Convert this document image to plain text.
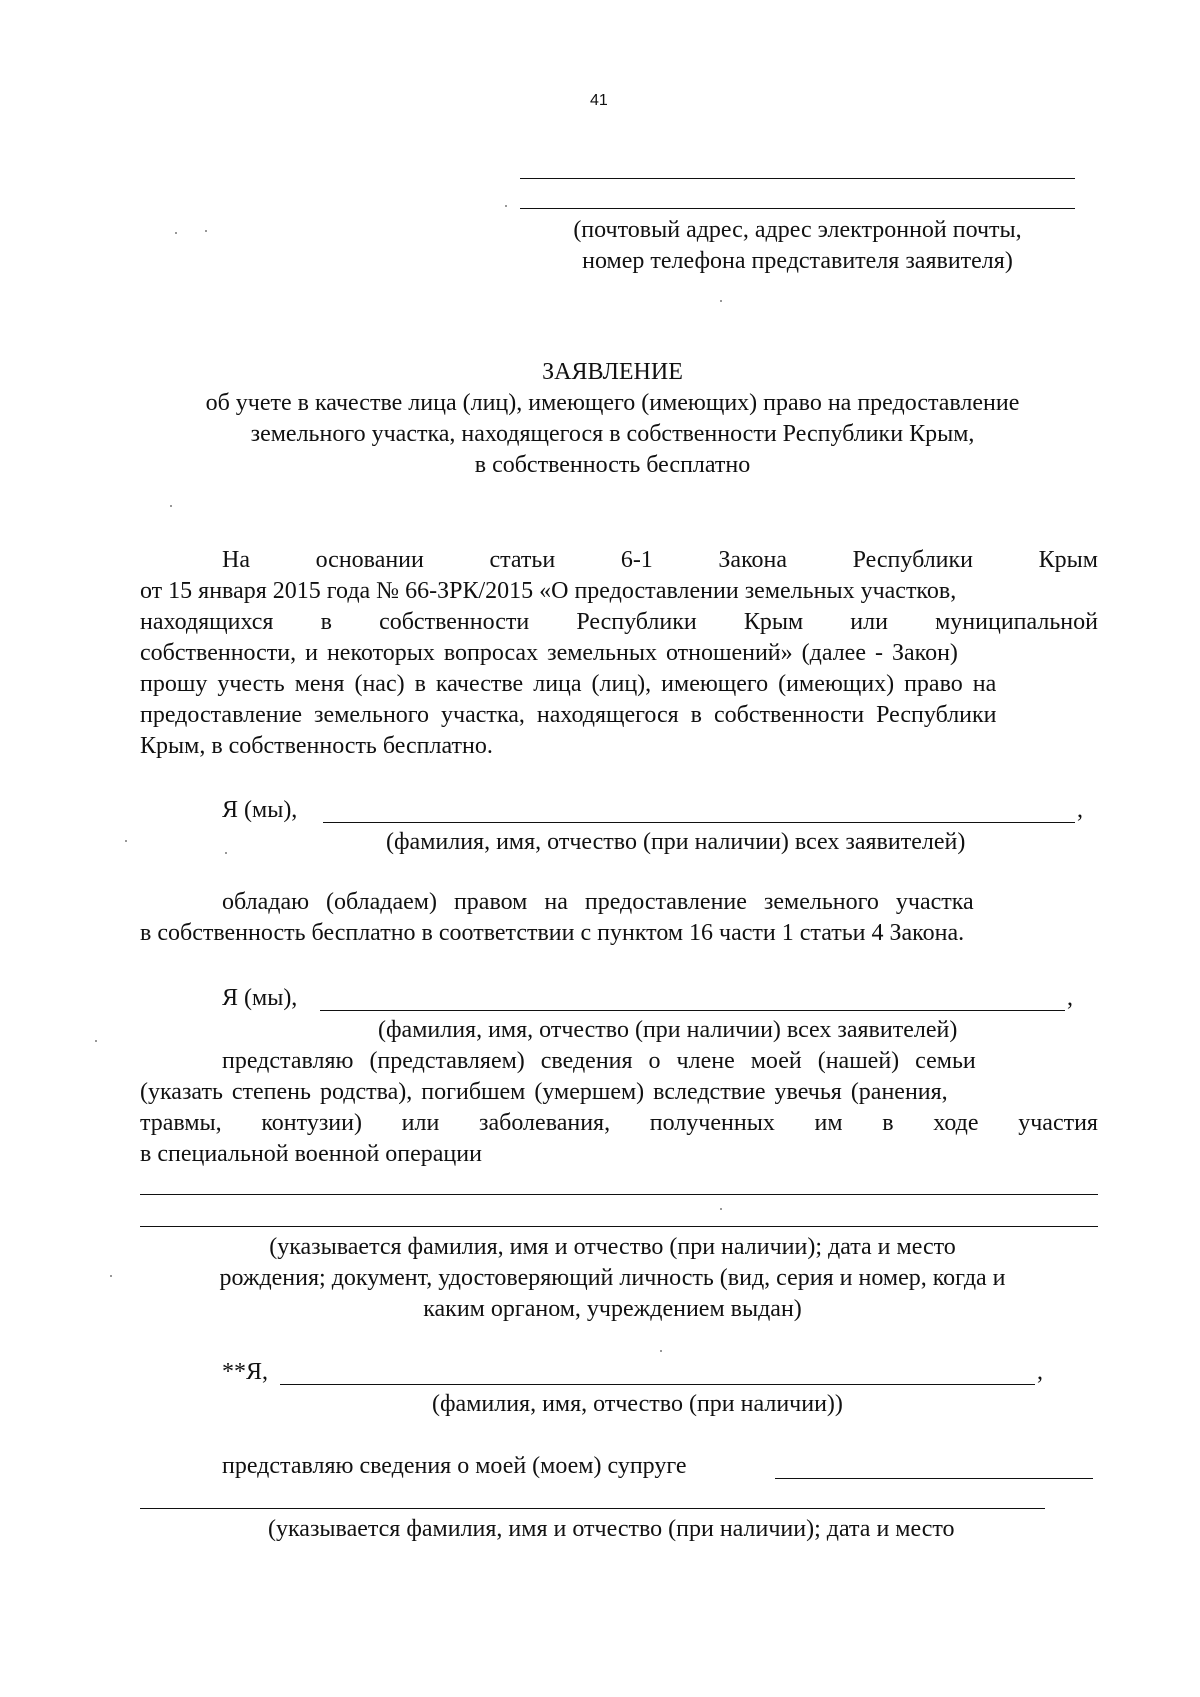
41
(почтовый адрес, адрес электронной почты,
номер телефона представителя заявителя)
ЗАЯВЛЕНИЕ
об учете в качестве лица (лиц), имеющего (имеющих) право на предоставление
земельного участка, находящегося в собственности Республики Крым,
в собственность бесплатно
На	основании	статьи	6-1	Закона	Республики	Крым
от 15 января 2015 года № 66-ЗРК/2015 «О предоставлении земельных участков,
находящихся в собственности Республики Крым или муниципальной
собственности, и некоторых вопросах земельных отношений» (далее - Закон)
прошу учесть меня (нас) в качестве лица (лиц), имеющего (имеющих) право на
предоставление земельного участка, находящегося в собственности Республики
Крым, в собственность бесплатно.
Я (мы),	,
(фамилия, имя, отчество (при наличии) всех заявителей)
обладаю (обладаем) правом на предоставление земельного участка
в собственность бесплатно в соответствии с пунктом 16 части 1 статьи 4 Закона.
Я (мы),	,
(фамилия, имя, отчество (при наличии) всех заявителей)
представляю (представляем) сведения о члене моей (нашей) семьи
(указать степень родства), погибшем (умершем) вследствие увечья (ранения,
травмы, контузии) или заболевания, полученных им в ходе участия
в специальной военной операции
(указывается фамилия, имя и отчество (при наличии); дата и место
рождения; документ, удостоверяющий личность (вид, серия и номер, когда и
каким органом, учреждением выдан)
**Я,	,
(фамилия, имя, отчество (при наличии))
представляю сведения о моей (моем) супруге
(указывается фамилия, имя и отчество (при наличии); дата и место
